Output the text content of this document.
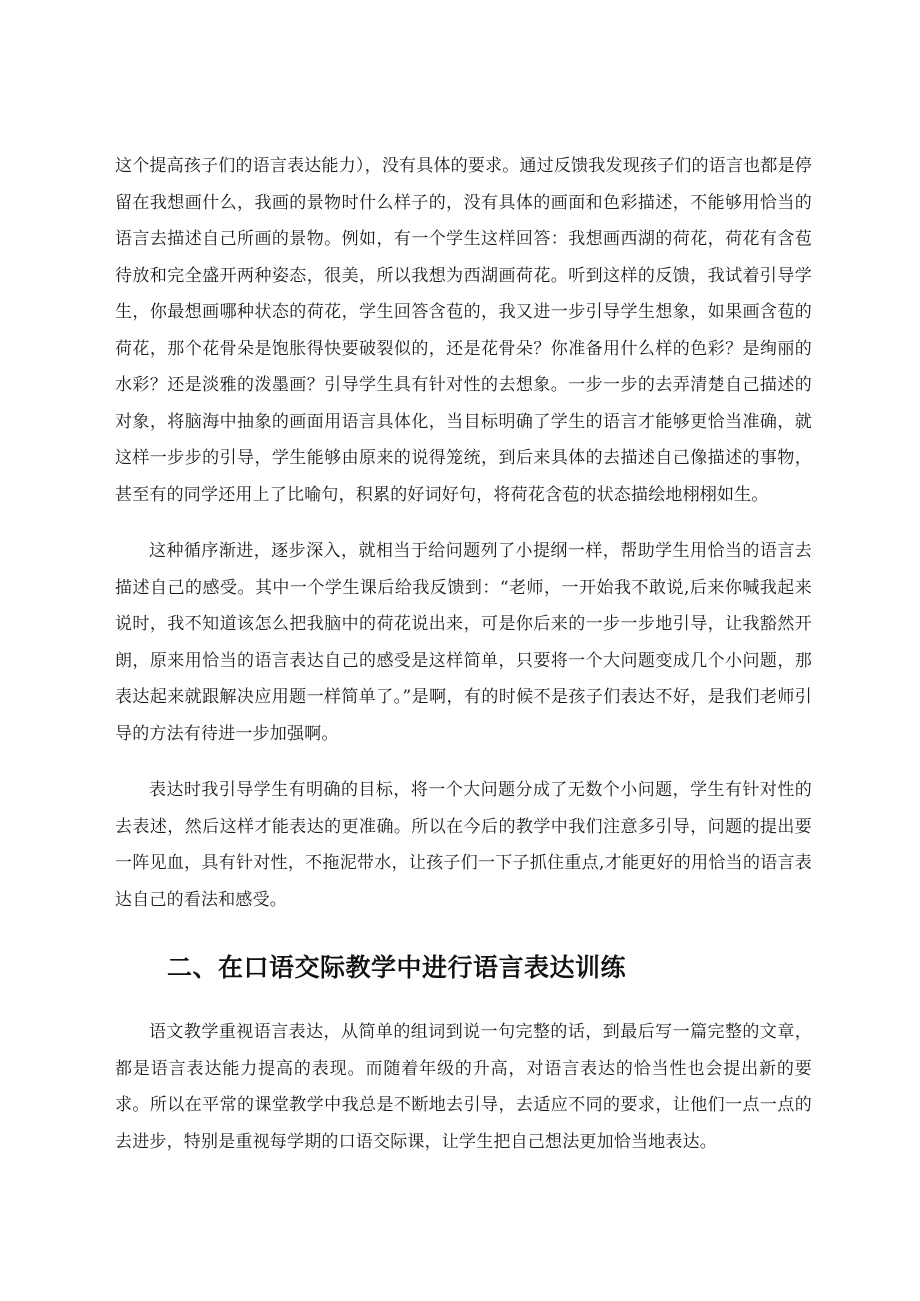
这个提高孩子们的语言表达能力），没有具体的要求。通过反馈我发现孩子们的语言也都是停留在我想画什么，我画的景物时什么样子的，没有具体的画面和色彩描述，不能够用恰当的语言去描述自己所画的景物。例如，有一个学生这样回答：我想画西湖的荷花，荷花有含苞待放和完全盛开两种姿态，很美，所以我想为西湖画荷花。听到这样的反馈，我试着引导学生，你最想画哪种状态的荷花，学生回答含苞的，我又进一步引导学生想象，如果画含苞的荷花，那个花骨朵是饱胀得快要破裂似的，还是花骨朵？你准备用什么样的色彩？是绚丽的水彩？还是淡雅的泼墨画？引导学生具有针对性的去想象。一步一步的去弄清楚自己描述的对象，将脑海中抽象的画面用语言具体化，当目标明确了学生的语言才能够更恰当准确，就这样一步步的引导，学生能够由原来的说得笼统，到后来具体的去描述自己像描述的事物，甚至有的同学还用上了比喻句，积累的好词好句，将荷花含苞的状态描绘地栩栩如生。

这种循序渐进，逐步深入，就相当于给问题列了小提纲一样，帮助学生用恰当的语言去描述自己的感受。其中一个学生课后给我反馈到：“老师，一开始我不敢说,后来你喊我起来说时，我不知道该怎么把我脑中的荷花说出来，可是你后来的一步一步地引导，让我豁然开朗，原来用恰当的语言表达自己的感受是这样简单，只要将一个大问题变成几个小问题，那表达起来就跟解决应用题一样简单了。”是啊，有的时候不是孩子们表达不好，是我们老师引导的方法有待进一步加强啊。

表达时我引导学生有明确的目标，将一个大问题分成了无数个小问题，学生有针对性的去表述，然后这样才能表达的更准确。所以在今后的教学中我们注意多引导，问题的提出要一阵见血，具有针对性，不拖泥带水，让孩子们一下子抓住重点,才能更好的用恰当的语言表达自己的看法和感受。

二、在口语交际教学中进行语言表达训练

语文教学重视语言表达，从简单的组词到说一句完整的话，到最后写一篇完整的文章，都是语言表达能力提高的表现。而随着年级的升高，对语言表达的恰当性也会提出新的要求。所以在平常的课堂教学中我总是不断地去引导，去适应不同的要求，让他们一点一点的去进步，特别是重视每学期的口语交际课，让学生把自己想法更加恰当地表达。
